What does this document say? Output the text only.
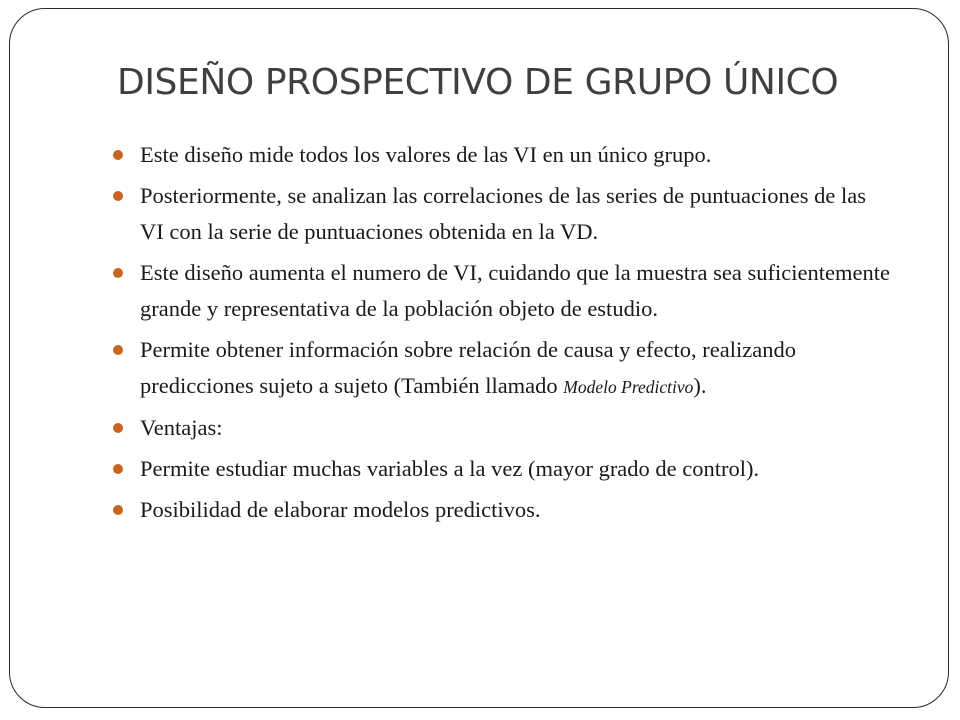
DISEÑO PROSPECTIVO DE GRUPO ÚNICO
Este diseño mide todos los valores de las VI en un único grupo.
Posteriormente, se analizan las correlaciones de las series de puntuaciones de las VI con la serie de puntuaciones obtenida en la VD.
Este diseño aumenta el numero de VI, cuidando que la muestra sea suficientemente grande y representativa de la población objeto de estudio.
Permite obtener información sobre relación de causa y efecto, realizando predicciones sujeto a sujeto (También llamado Modelo Predictivo).
Ventajas:
Permite estudiar muchas variables a la vez (mayor grado de control).
Posibilidad de elaborar modelos predictivos.
